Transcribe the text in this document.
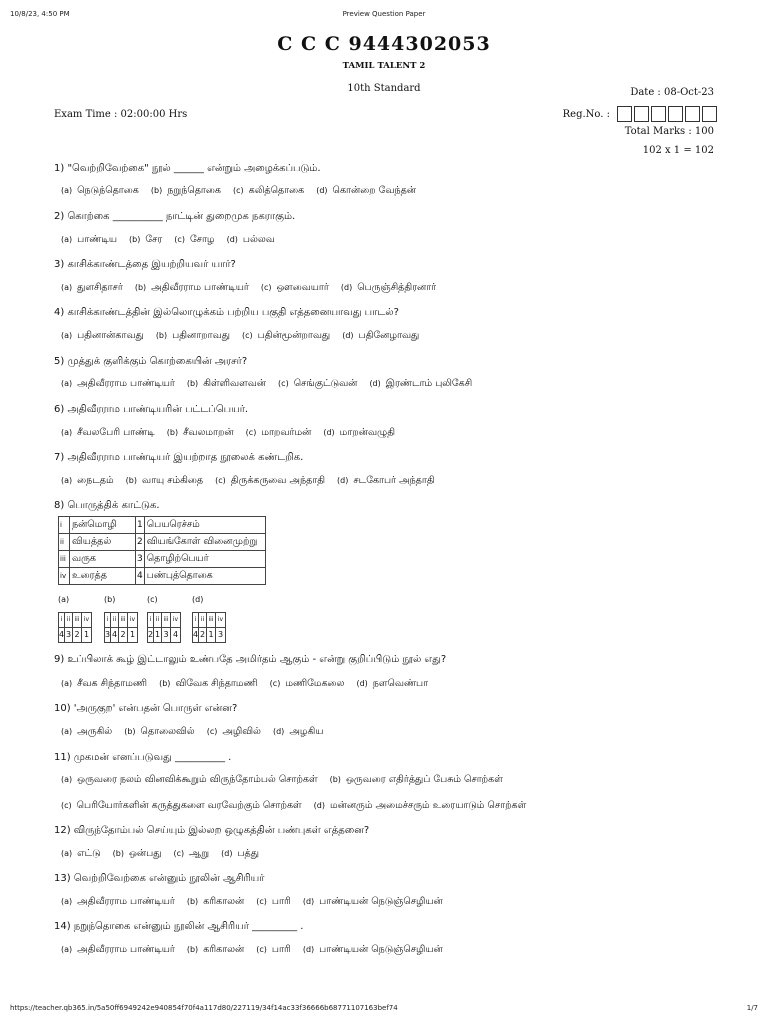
10/8/23, 4:50 PM	Preview Question Paper
C C C 9444302053
TAMIL TALENT 2
10th Standard	Date : 08-Oct-23
Exam Time : 02:00:00 Hrs	Reg.No. :
Total Marks : 100
102 x 1 = 102
1) "வெற்றிவேற்கை" நூல் ______ என்றும் அழைக்கப்படும்.
(a) நெடுந்தொகை (b) நறுந்தொகை (c) கலித்தொகை (d) கொன்றை வேந்தன்
2) கொற்கை __________ நாட்டின் துறைமுக நகராகும்.
(a) பாண்டிய (b) சேர (c) சோழ (d) பல்லவ
3) காசிக்காண்டத்தை இயற்றியவர் யார்?
(a) துளசிதாசர் (b) அதிவீரராம பாண்டியர் (c) ஔவையார் (d) பெருஞ்சித்திரனார்
4) காசிக்காண்டத்தின் இல்லொழுக்கம் பற்றிய பகுதி எத்தனையாவது பாடல்?
(a) பதினான்காவது (b) பதினாறாவது (c) பதின்மூன்றாவது (d) பதினேழாவது
5) முத்துக் குளிக்கும் கொற்கையின் அரசர்?
(a) அதிவீரராம பாண்டியர் (b) கிள்ளிவளவன் (c) செங்குட்டுவன் (d) இரண்டாம் புலிகேசி
6) அதிவீரராம பாண்டியரின் பட்டப்பெயர்.
(a) சீவலபேரி பாண்டி (b) சீவலமாறன் (c) மாறவர்மன் (d) மாறன்வழுதி
7) அதிவீரராம பாண்டியர் இயற்றாத நூலைக் கண்டறிக.
(a) நைடதம் (b) வாயு சம்கிதை (c) திருக்கருவை அந்தாதி (d) சடகோபர் அந்தாதி
8) பொருத்திக் காட்டுக.
i	நன்மொழி	1	பெயரெச்சம்
ii	வியத்தல்	2	வியங்கோள் வினைமுற்று
iii	வருக	3	தொழிற்பெயர்
iv	உரைத்த	4	பண்புத்தொகை
(a)
i ii iii iv
4 3 2 1
(b)
i ii iii iv
3 4 2 1
(c)
i ii iii iv
2 1 3 4
(d)
i ii iii iv
4 2 1 3
9) உப்பிலாக் கூழ் இட்டாலும் உண்பதே அமிர்தம் ஆகும் - என்று குறிப்பிடும் நூல் எது?
(a) சீவக சிந்தாமணி (b) விவேக சிந்தாமணி (c) மணிமேகலை (d) நளவெண்பா
10) 'அருகுற' என்பதன் பொருள் என்ன?
(a) அருகில் (b) தொலைவில் (c) அழிவில் (d) அழகிய
11) முகமன் எனப்படுவது __________ .
(a) ஒருவரை நலம் வினவிக்கூறும் விருந்தோம்பல் சொற்கள் (b) ஒருவரை எதிர்த்துப் பேசும் சொற்கள்
(c) பெரியோர்களின் கருத்துகளை வரவேற்கும் சொற்கள் (d) மன்னரும் அமைச்சரும் உரையாடும் சொற்கள்
12) விருந்தோம்பல் செய்யும் இல்லற ஒழுகத்தின் பண்புகள் எத்தனை?
(a) எட்டு (b) ஒன்பது (c) ஆறு (d) பத்து
13) வெற்றிவேற்கை என்னும் நூலின் ஆசிரியர்
(a) அதிவீரராம பாண்டியர் (b) கரிகாலன் (c) பாரி (d) பாண்டியன் நெடுஞ்செழியன்
14) நறுந்தொகை என்னும் நூலின் ஆசிரியர் _________ .
(a) அதிவீரராம பாண்டியர் (b) கரிகாலன் (c) பாரி (d) பாண்டியன் நெடுஞ்செழியன்
https://teacher.qb365.in/5a50ff6949242e940854f70f4a117d80/227119/34f14ac33f36666b68771107163bef74	1/7
